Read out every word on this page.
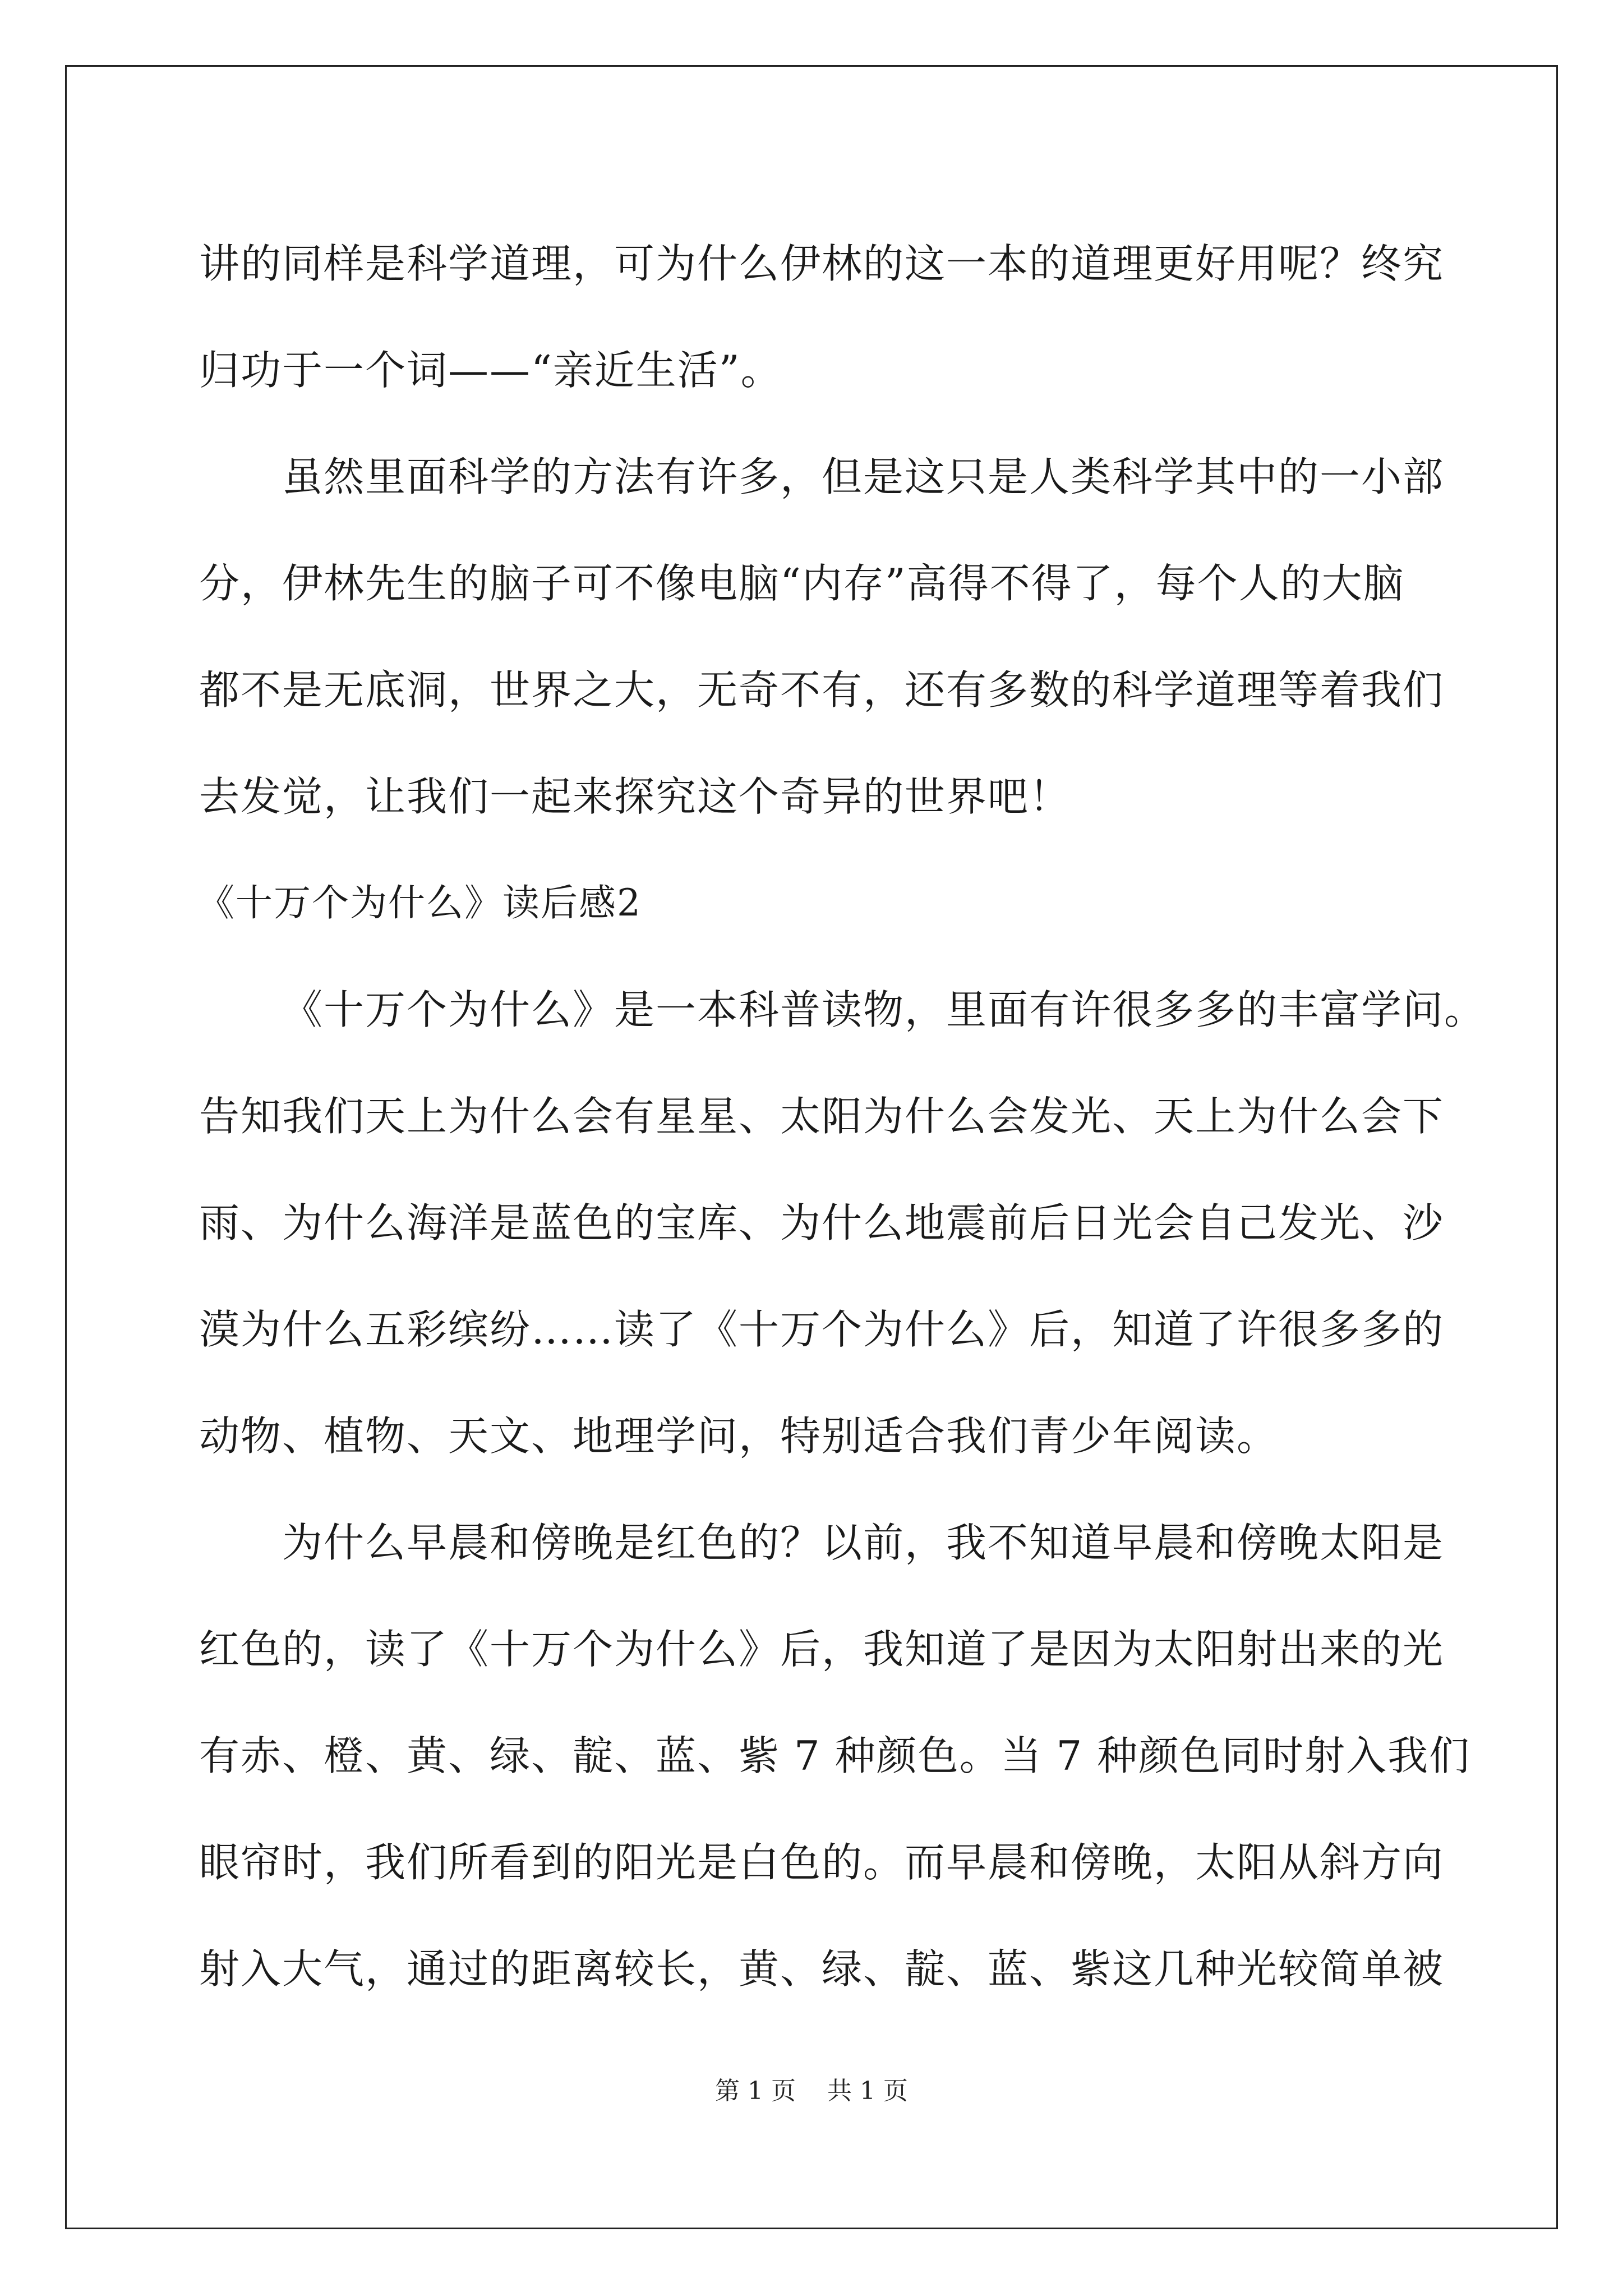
讲的同样是科学道理，可为什么伊林的这一本的道理更好用呢？终究
归功于一个词——“亲近生活”。
虽然里面科学的方法有许多，但是这只是人类科学其中的一小部
分，伊林先生的脑子可不像电脑“内存”高得不得了，每个人的大脑
都不是无底洞，世界之大，无奇不有，还有多数的科学道理等着我们
去发觉，让我们一起来探究这个奇异的世界吧！
《十万个为什么》读后感2
《十万个为什么》是一本科普读物，里面有许很多多的丰富学问。
告知我们天上为什么会有星星、太阳为什么会发光、天上为什么会下
雨、为什么海洋是蓝色的宝库、为什么地震前后日光会自己发光、沙
漠为什么五彩缤纷……读了《十万个为什么》后，知道了许很多多的
动物、植物、天文、地理学问，特别适合我们青少年阅读。
为什么早晨和傍晚是红色的？以前，我不知道早晨和傍晚太阳是
红色的，读了《十万个为什么》后，我知道了是因为太阳射出来的光
有赤、橙、黄、绿、靛、蓝、紫 7 种颜色。当 7 种颜色同时射入我们
眼帘时，我们所看到的阳光是白色的。而早晨和傍晚，太阳从斜方向
射入大气，通过的距离较长，黄、绿、靛、蓝、紫这几种光较简单被
第 1 页    共 1 页
